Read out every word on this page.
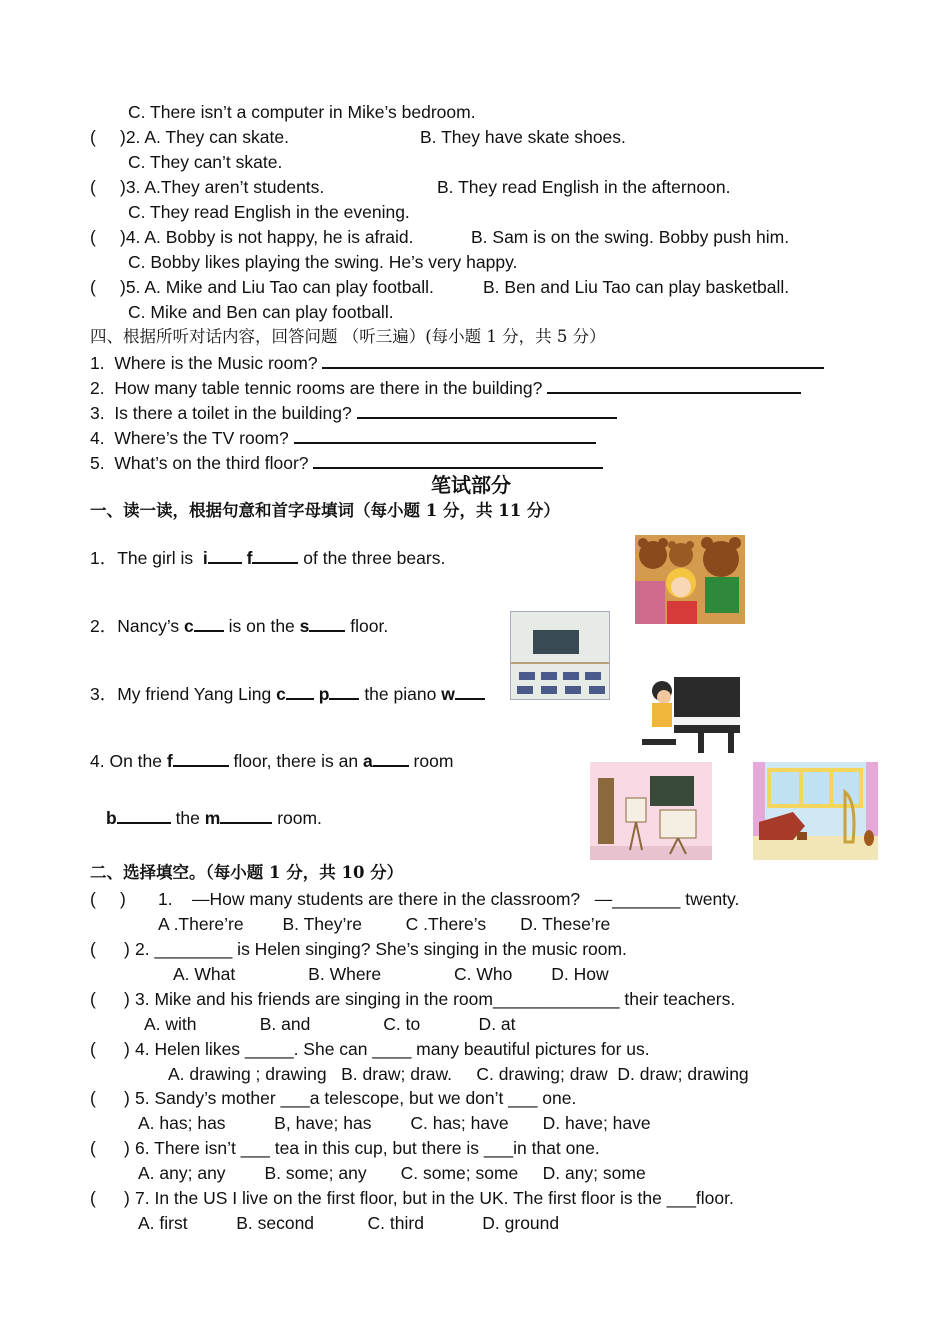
C. There isn’t a computer in Mike’s bedroom.
( )2. A. They can skate.	B. They have skate shoes.
C. They can’t skate.
( )3. A.They aren’t students.	B. They read English in the afternoon.
C. They read English in the evening.
( )4. A. Bobby is not happy, he is afraid.	B. Sam is on the swing. Bobby push him.
C. Bobby likes playing the swing. He’s very happy.
( )5. A. Mike and Liu Tao can play football.	B. Ben and Liu Tao can play basketball.
C. Mike and Ben can play football.
四、根据所听对话内容，回答问题 （听三遍）(每小题 1 分，共 5 分）
1.  Where is the Music room?
2.  How many table tennic rooms are there in the building?
3.  Is there a toilet in the building?
4.  Where’s the TV room?
5.  What’s on the third floor?
笔试部分
一、读一读，根据句意和首字母填词（每小题 1 分，共 11 分）
1．The girl is  i f	of the three bears.
2．Nancy’s c is on the s floor.
3．My friend Yang Ling c p the piano w
4. On the f	floor, there is an a room
b	the m	room.
二、选择填空。（每小题 1 分，共 10 分）
( ) 1.    —How many students are there in the classroom?   —_______ twenty.
A .There’re        B. They’re         C .There’s       D. These’re
( ) 2. ________ is Helen singing? She’s singing in the music room.
A. What               B. Where               C. Who        D. How
( ) 3. Mike and his friends are singing in the room_____________ their teachers.
A. with             B. and               C. to            D. at
( ) 4. Helen likes _____. She can ____ many beautiful pictures for us.
A. drawing ; drawing   B. draw; draw.     C. drawing; draw  D. draw; drawing
( ) 5. Sandy’s mother ___a telescope, but we don’t ___ one.
A. has; has          B, have; has        C. has; have       D. have; have
( ) 6. There isn’t ___ tea in this cup, but there is ___in that one.
A. any; any        B. some; any       C. some; some     D. any; some
( ) 7. In the US I live on the first floor, but in the UK. The first floor is the ___floor.
A. first          B. second           C. third            D. ground
